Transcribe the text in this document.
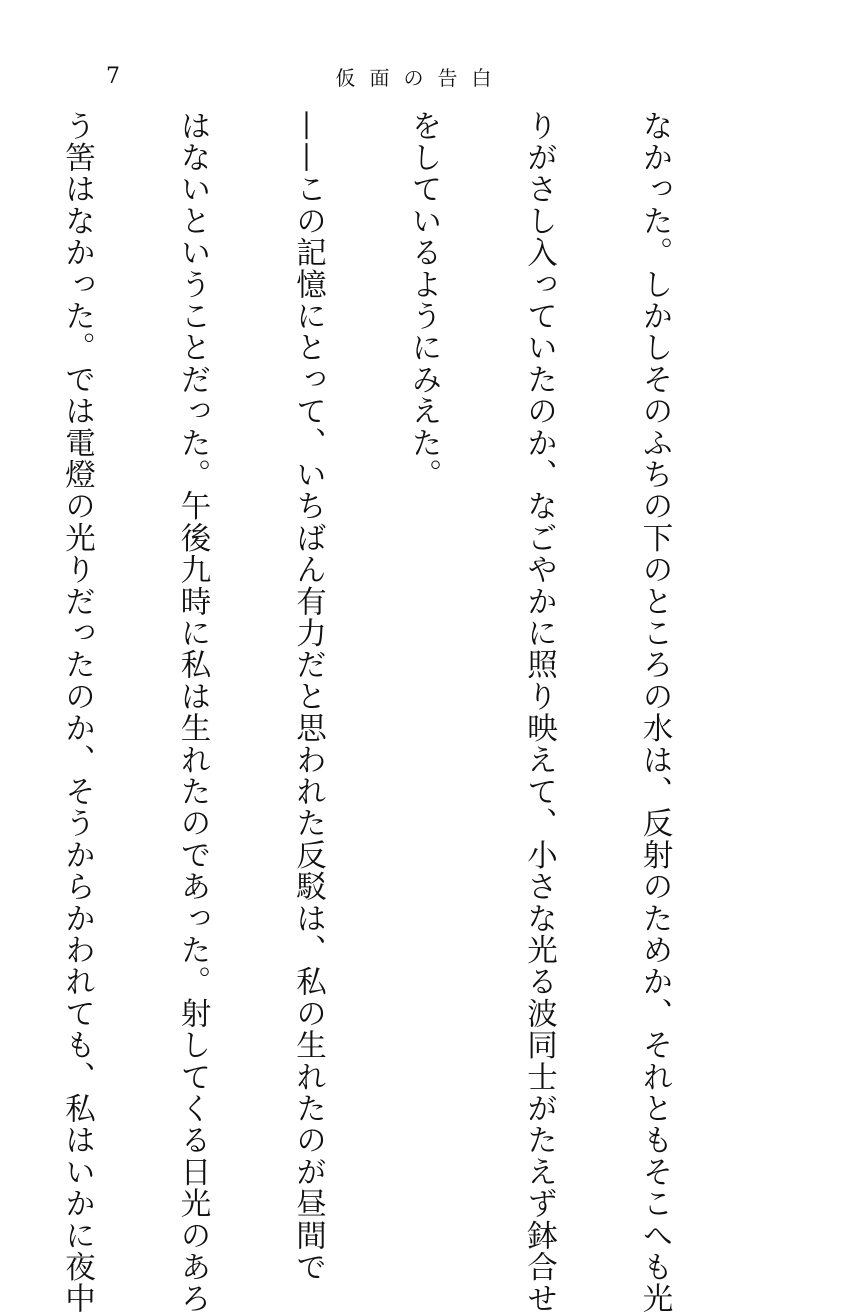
7	仮面の告白

なかった。しかしそのふちの下のところの水は、反射のためか、それともそこへも光

りがさし入っていたのか、なごやかに照り映えて、小さな光る波同士がたえず鉢合せ

をしているようにみえた。

——この記憶にとって、いちばん有力だと思われた反駁は、私の生れたのが昼間で

はないということだった。午後九時に私は生れたのであった。射してくる日光のあろ

う筈はなかった。では電燈の光りだったのか、そうからかわれても、私はいかに夜中
